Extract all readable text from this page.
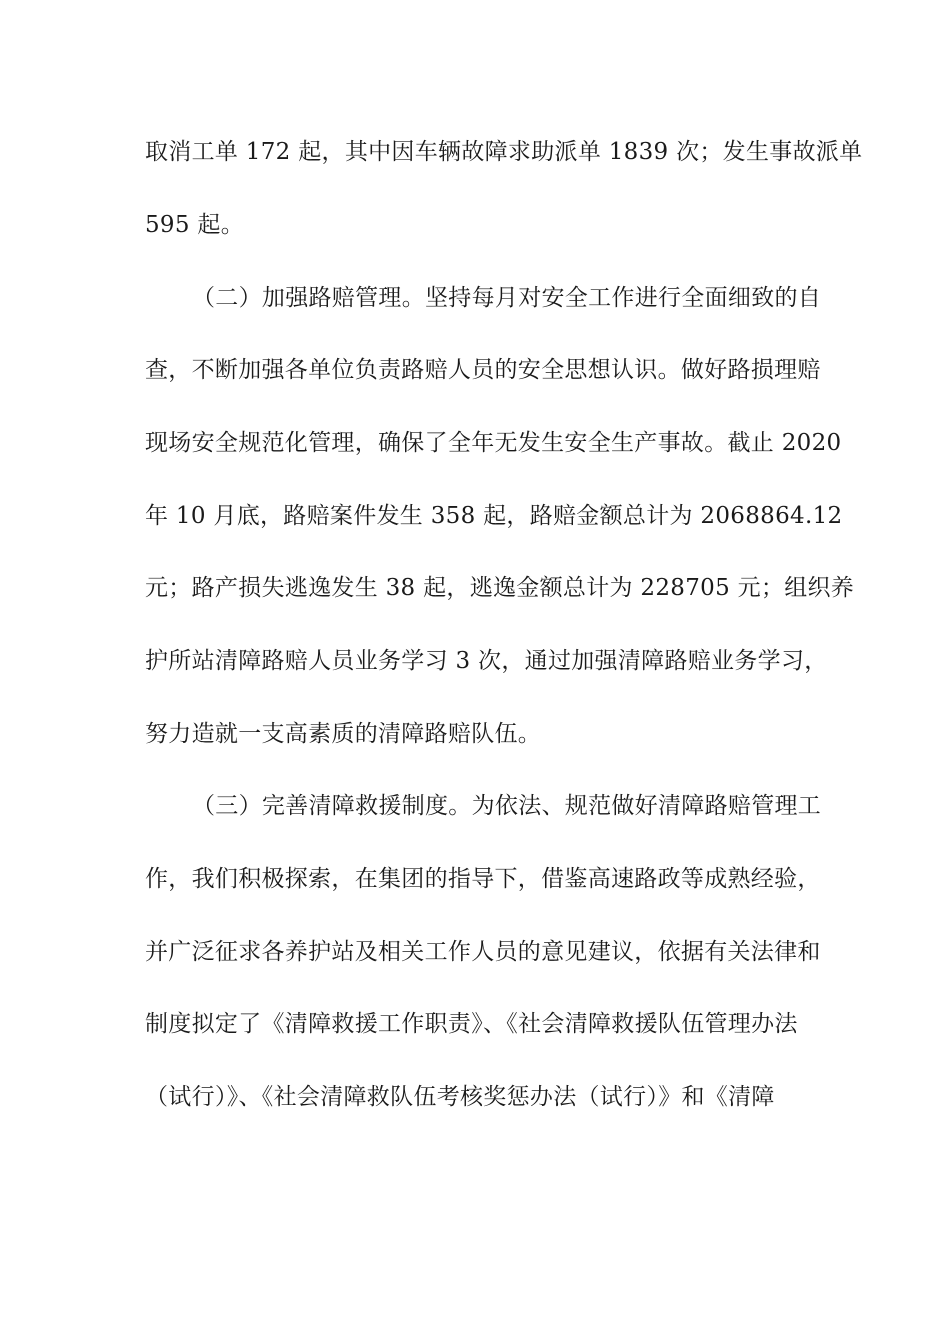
取消工单 172 起，其中因车辆故障求助派单 1839 次；发生事故派单
595 起。
（二）加强路赔管理。坚持每月对安全工作进行全面细致的自
查，不断加强各单位负责路赔人员的安全思想认识。做好路损理赔
现场安全规范化管理，确保了全年无发生安全生产事故。截止 2020
年 10 月底，路赔案件发生 358 起，路赔金额总计为 2068864.12
元；路产损失逃逸发生 38 起，逃逸金额总计为 228705 元；组织养
护所站清障路赔人员业务学习 3 次，通过加强清障路赔业务学习，
努力造就一支高素质的清障路赔队伍。
（三）完善清障救援制度。为依法、规范做好清障路赔管理工
作，我们积极探索，在集团的指导下，借鉴高速路政等成熟经验，
并广泛征求各养护站及相关工作人员的意见建议，依据有关法律和
制度拟定了《清障救援工作职责》、《社会清障救援队伍管理办法
（试行）》、《社会清障救队伍考核奖惩办法（试行）》和《清障
